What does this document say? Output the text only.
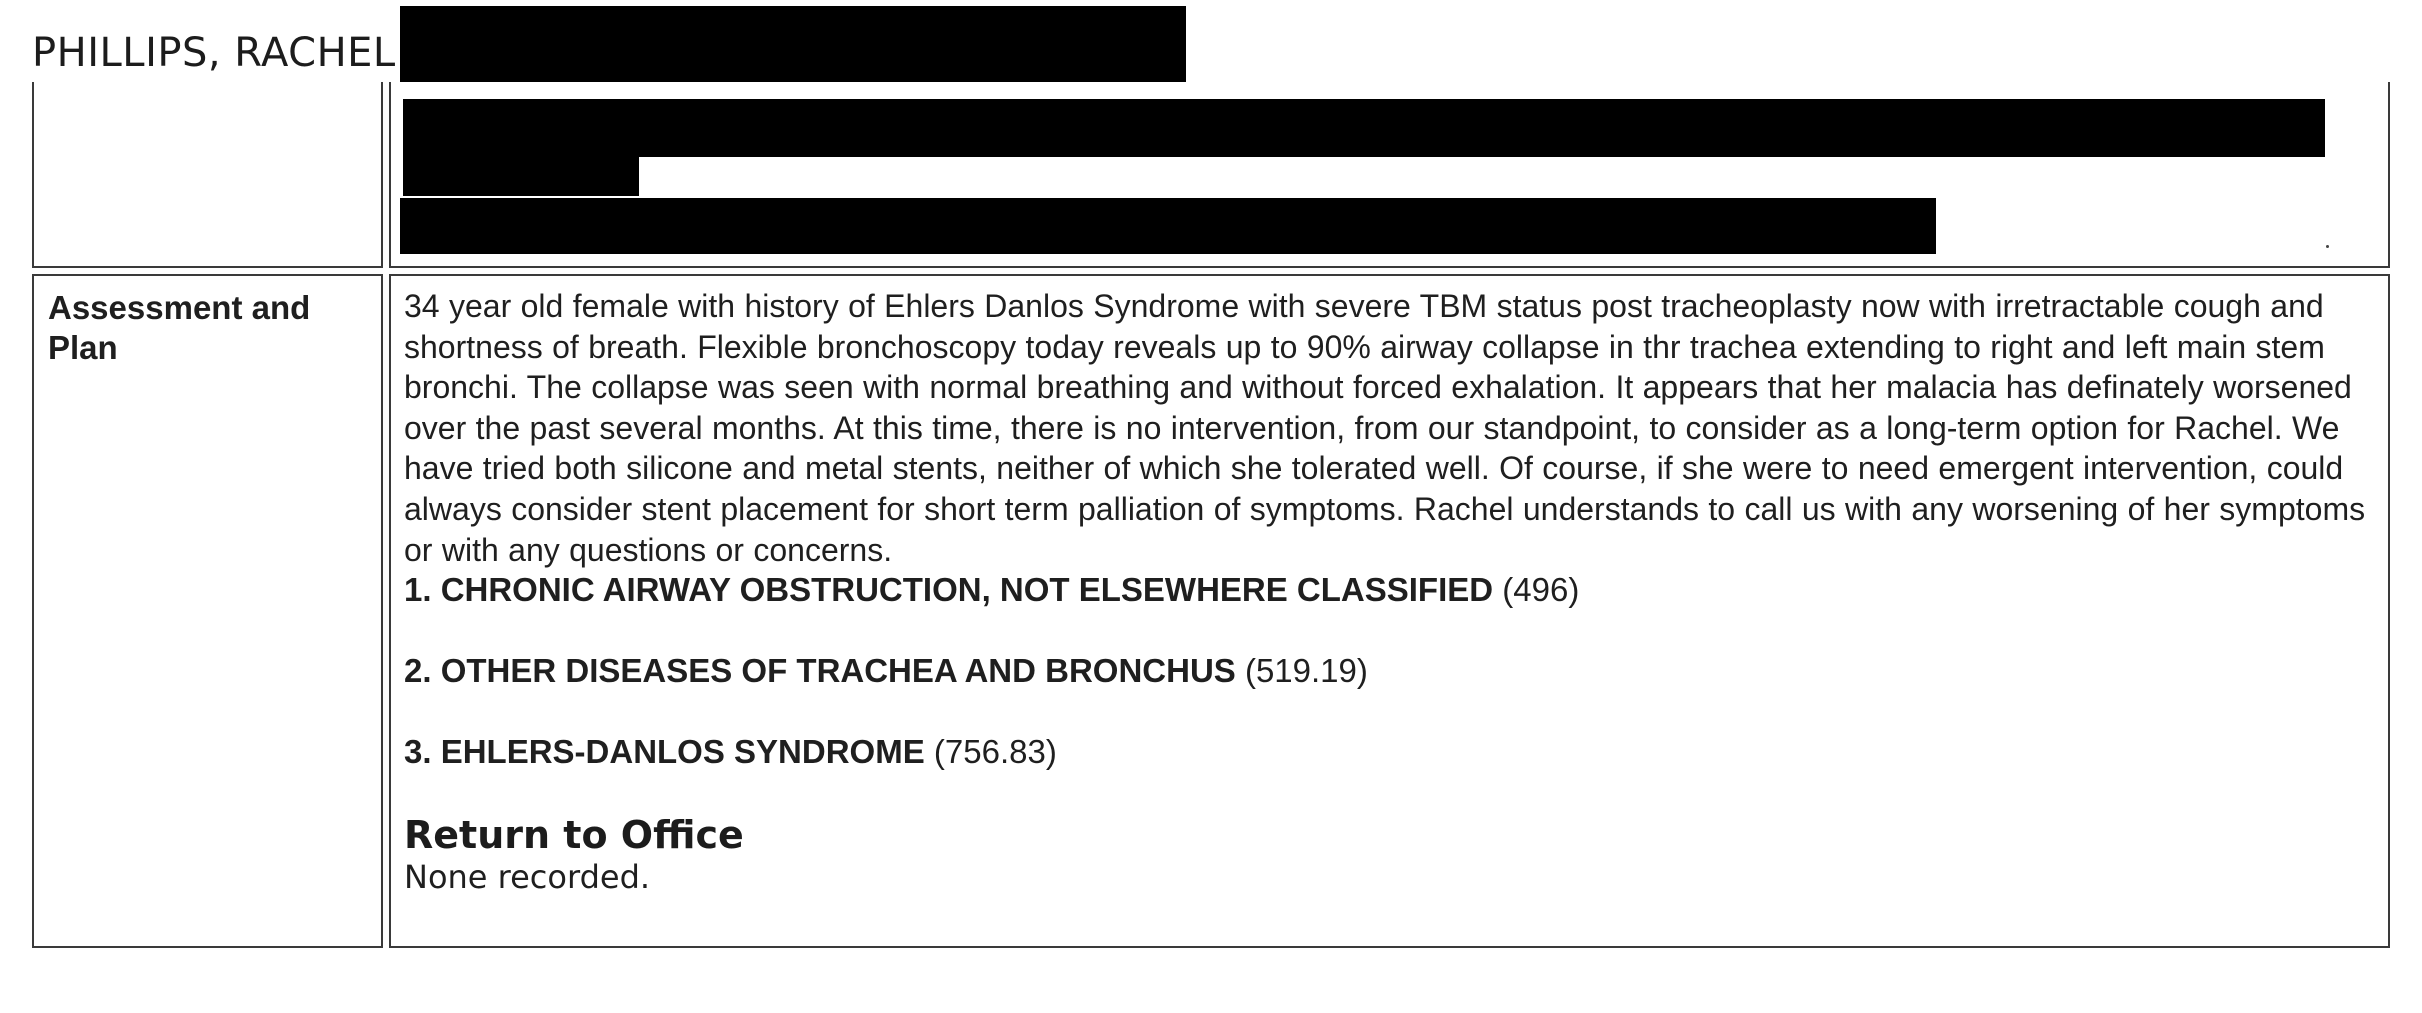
PHILLIPS, RACHEL
Assessment and Plan

34 year old female with history of Ehlers Danlos Syndrome with severe TBM status post tracheoplasty now with irretractable cough and shortness of breath. Flexible bronchoscopy today reveals up to 90% airway collapse in thr trachea extending to right and left main stem bronchi. The collapse was seen with normal breathing and without forced exhalation. It appears that her malacia has definately worsened over the past several months. At this time, there is no intervention, from our standpoint, to consider as a long-term option for Rachel. We have tried both silicone and metal stents, neither of which she tolerated well. Of course, if she were to need emergent intervention, could always consider stent placement for short term palliation of symptoms. Rachel understands to call us with any worsening of her symptoms or with any questions or concerns.

1. CHRONIC AIRWAY OBSTRUCTION, NOT ELSEWHERE CLASSIFIED (496)

2. OTHER DISEASES OF TRACHEA AND BRONCHUS (519.19)

3. EHLERS-DANLOS SYNDROME (756.83)

Return to Office

None recorded.
